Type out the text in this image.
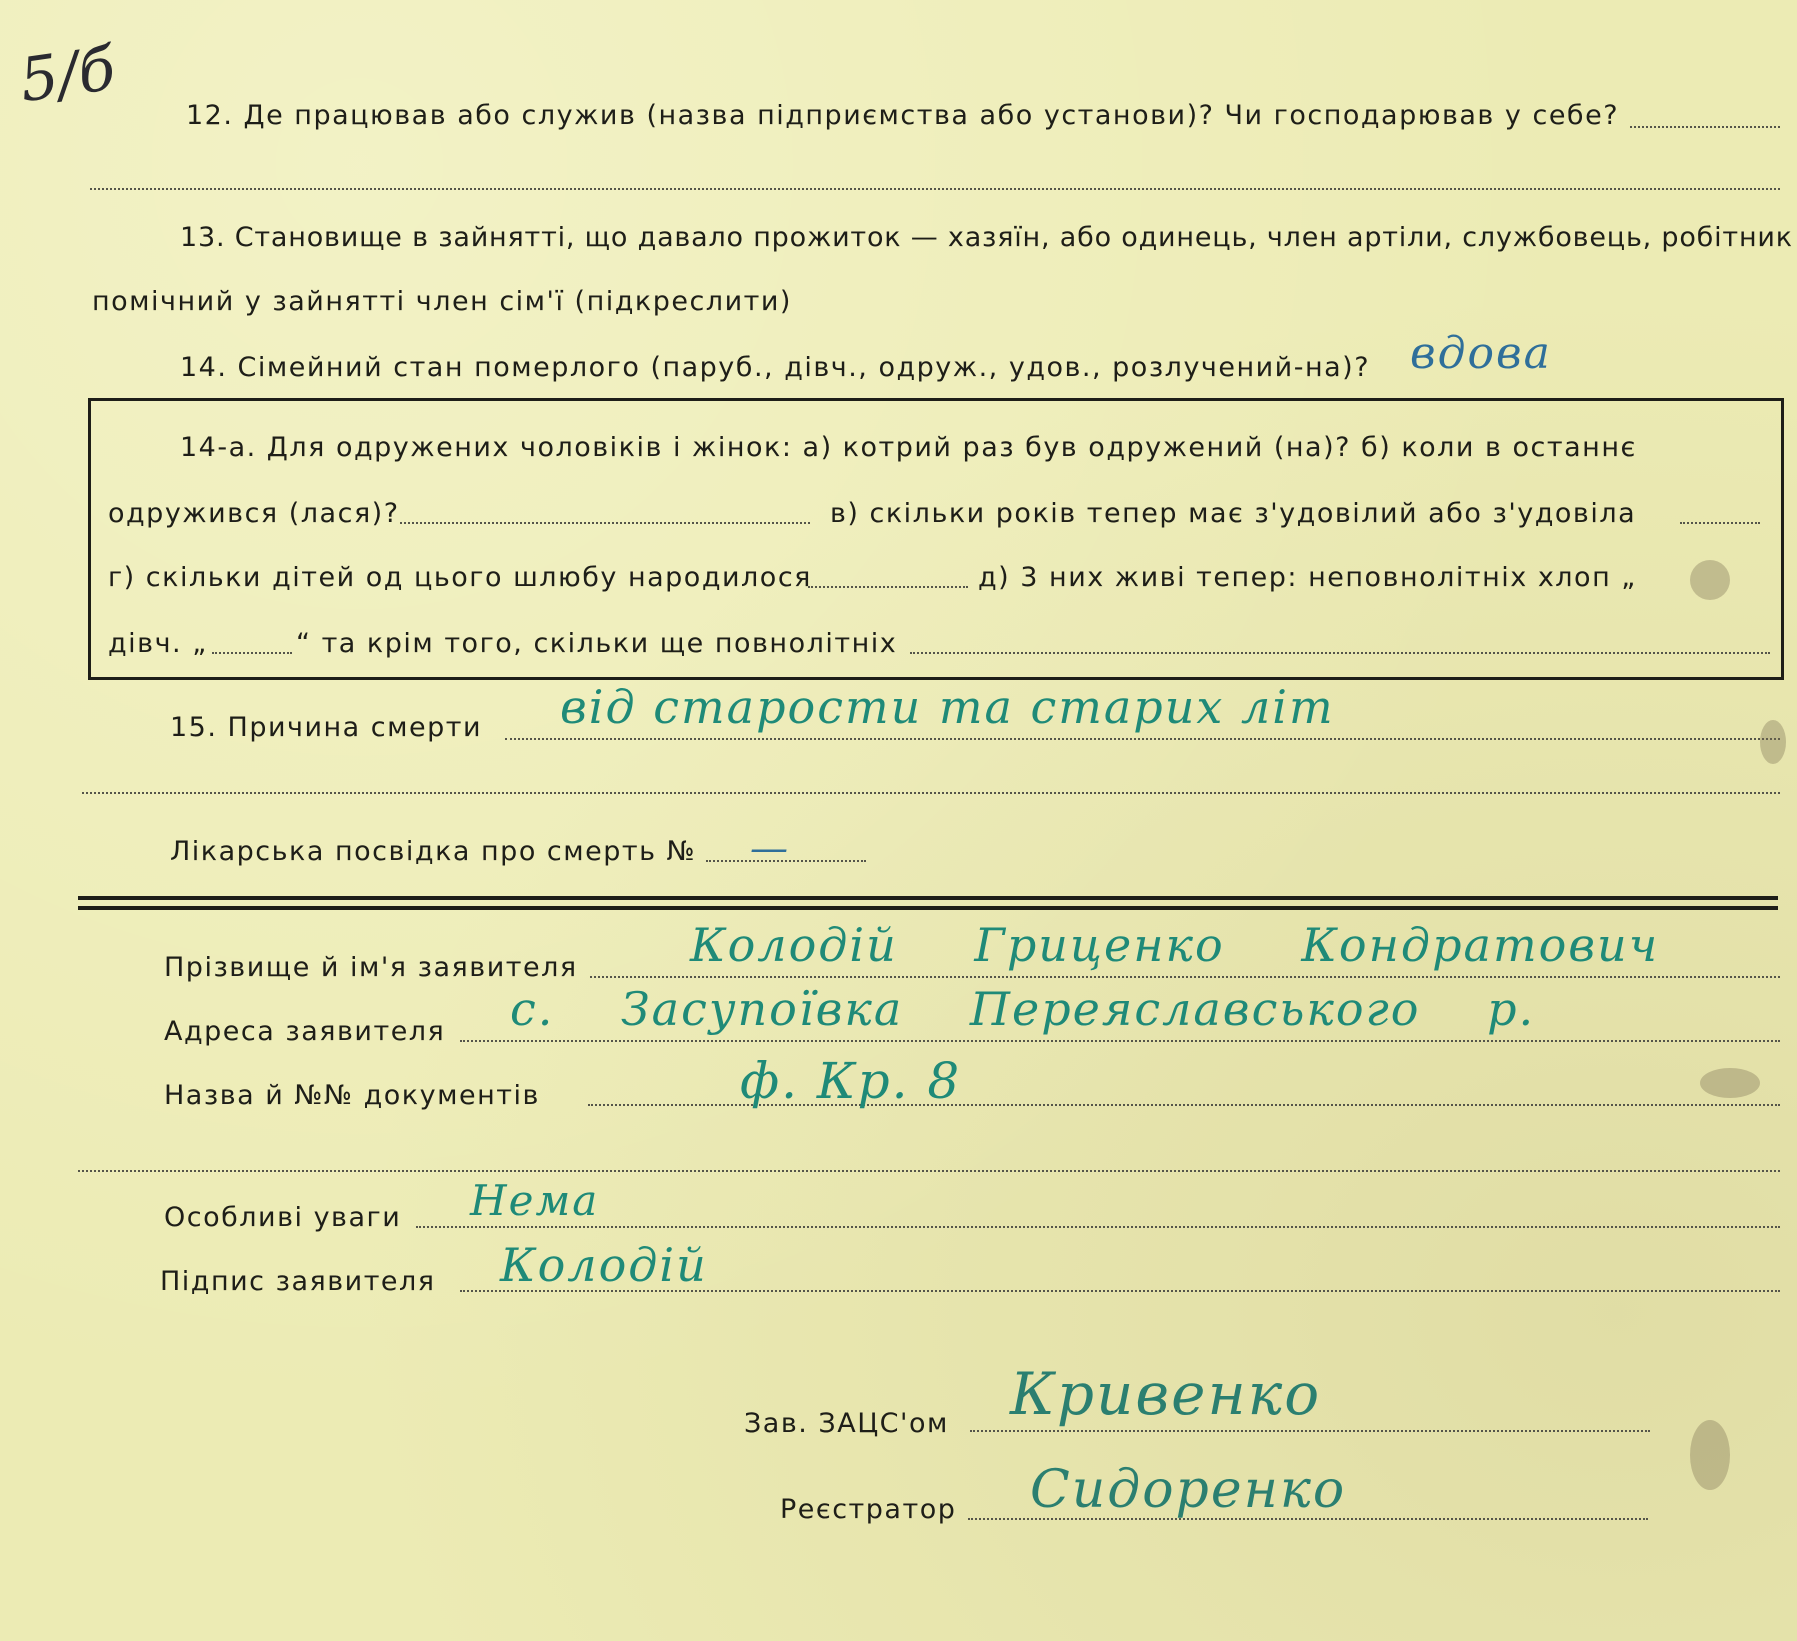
5/б 12. Де працював або служив (назва підприємства або установи)? Чи господарював у себе?
13. Становище в зайнятті, що давало прожиток — хазяїн, або одинець, член артіли, службовець, робітник
помічний у зайнятті член сім'ї (підкреслити)
14. Сімейний стан померлого (паруб., дівч., одруж., удов., розлучений-на)? вдова
14-а. Для одружених чоловіків і жінок: а) котрий раз був одружений (на)? б) коли в останнє
одружився (лася)?	в) скільки років тепер має з'удовілий або з'удовіла
г) скільки дітей од цього шлюбу народилося	д) 3 них живі тепер: неповнолітніх хлоп „
дівч. „	“ та крім того, скільки ще повнолітніх
15. Причина смерти від старости та старих літ
Лікарська посвідка про смерть № —
Прізвище й ім'я заявителя Колодій Гриценко Кондратович
Адреса заявителя с. Засупоївка Переяславського р.
Назва й №№ документів	ф. Кр. 8
Особливі уваги Нема
Підпис заявителя Колодій
Зав. ЗАЦС'ом Кривенко
Реєстратор Сидоренко
